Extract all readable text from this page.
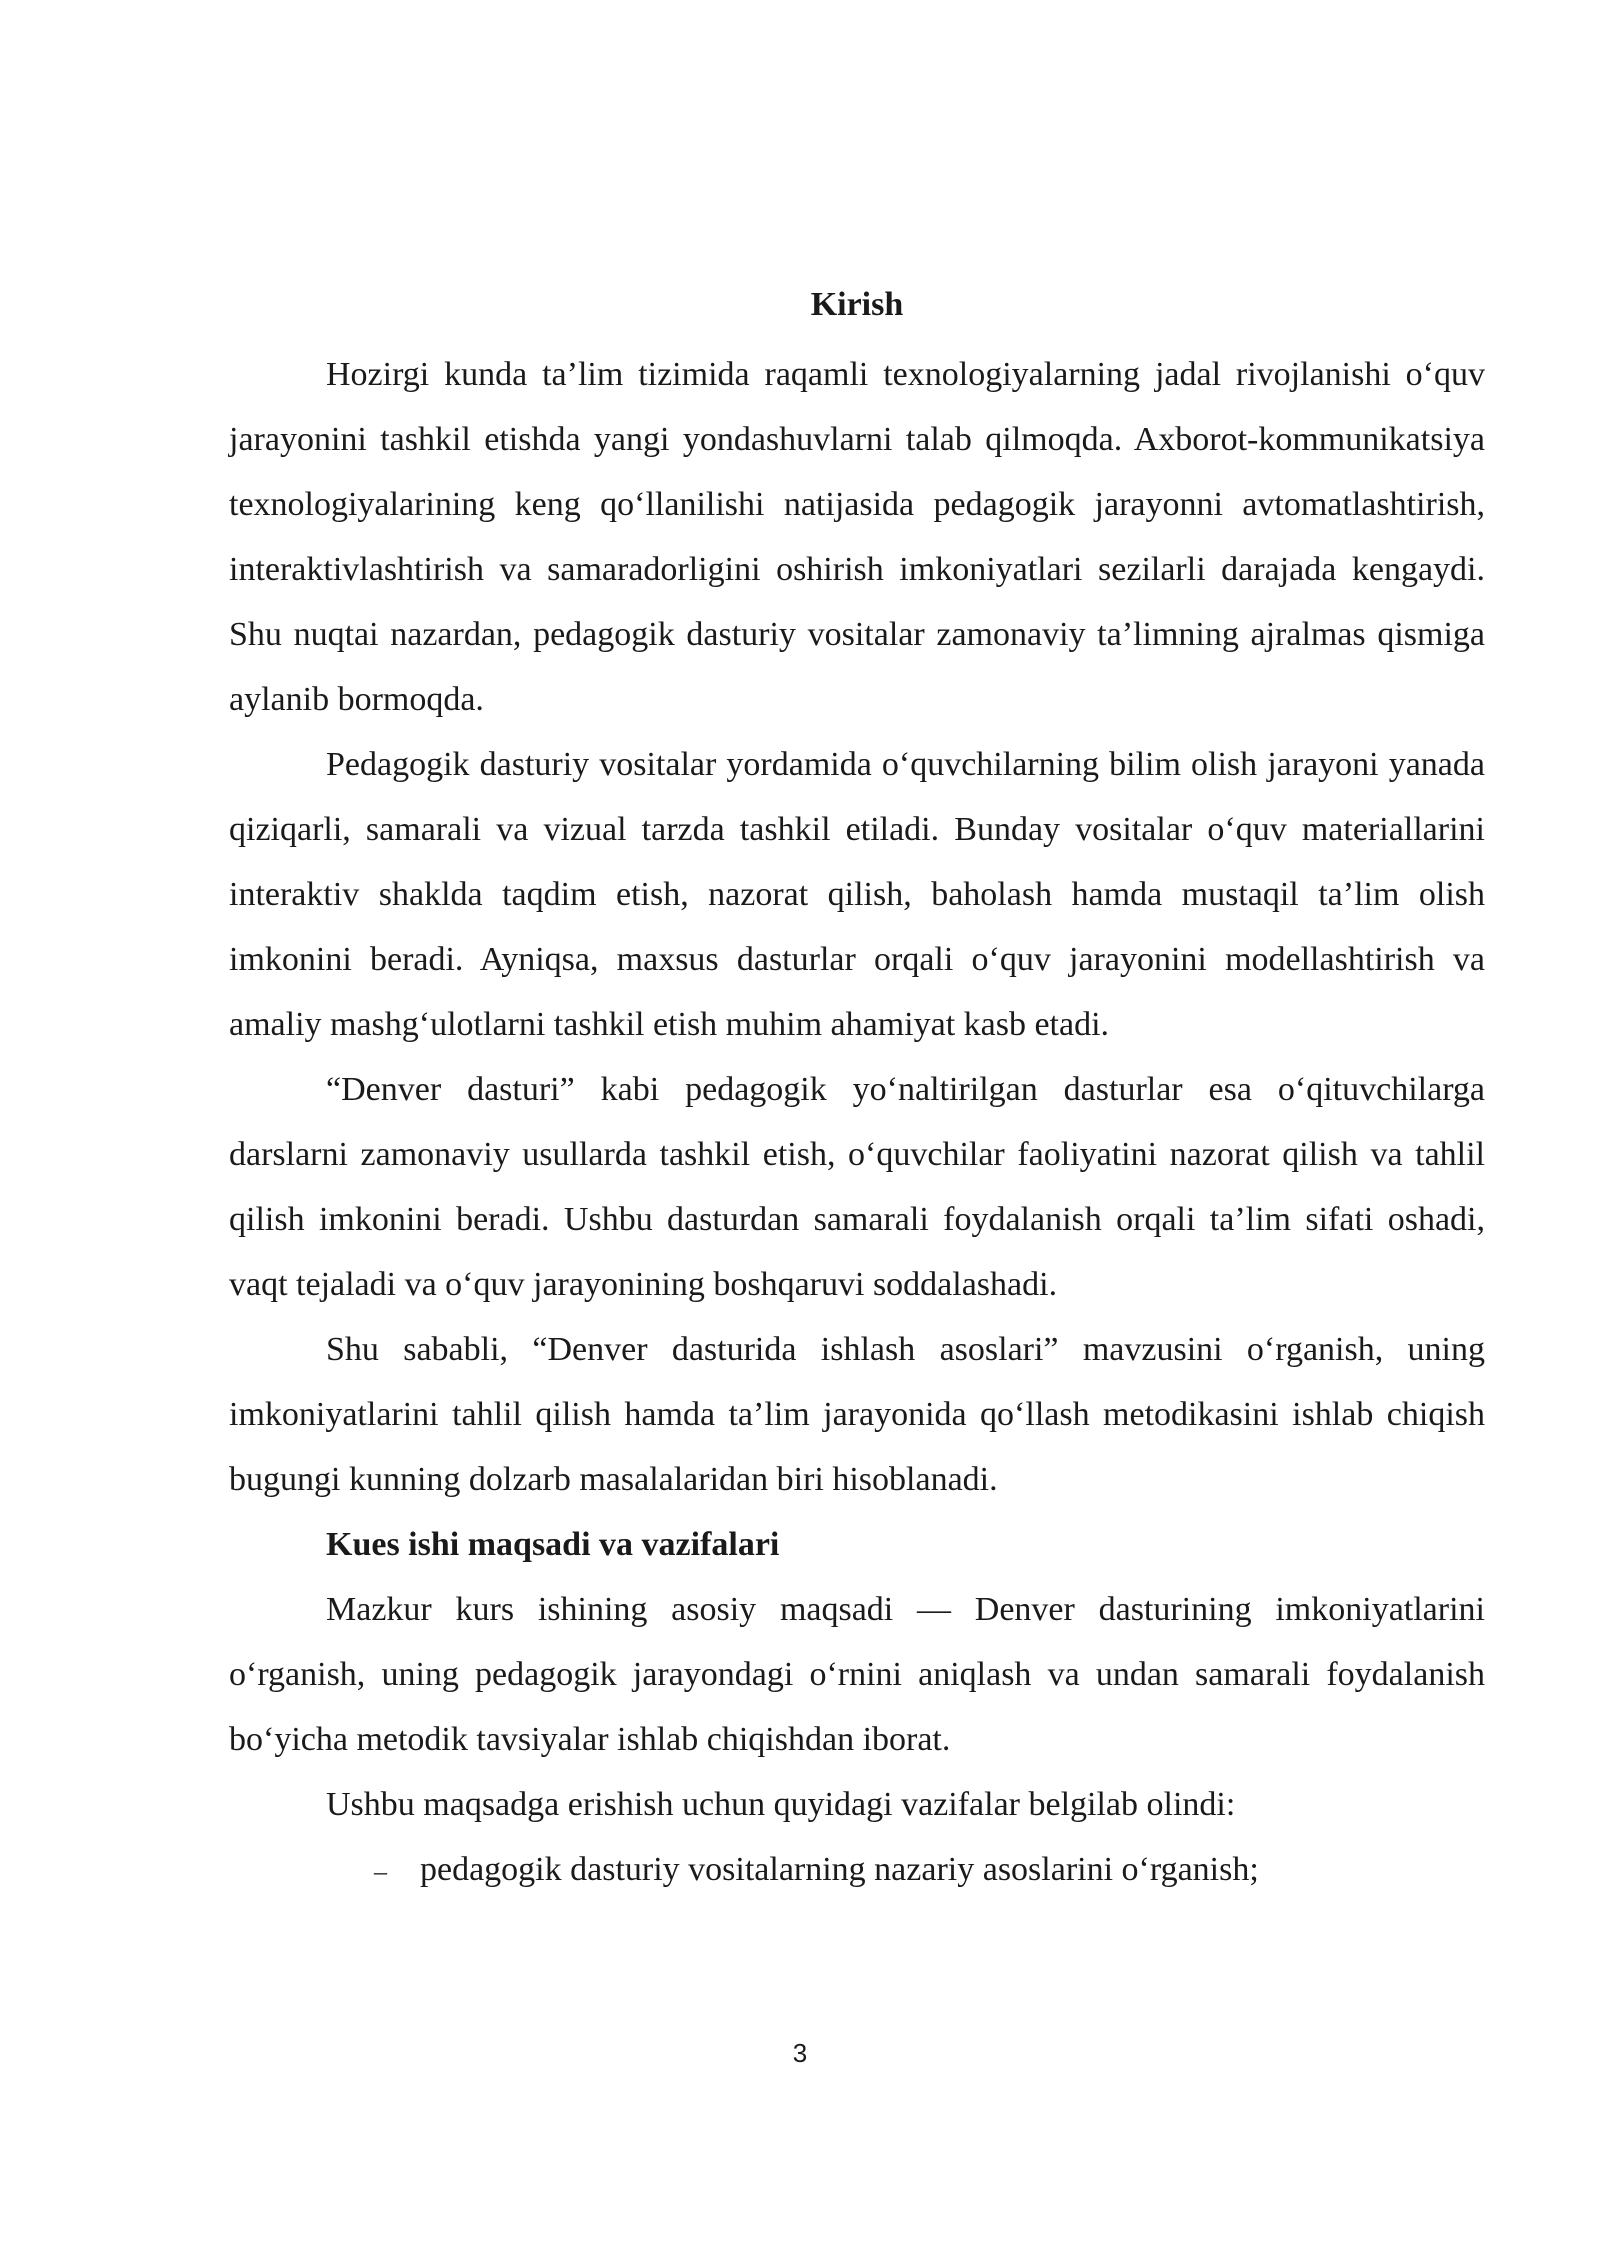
Kirish

Hozirgi kunda ta’lim tizimida raqamli texnologiyalarning jadal rivojlanishi o‘quv jarayonini tashkil etishda yangi yondashuvlarni talab qilmoqda. Axborot-kommunikatsiya texnologiyalarining keng qo‘llanilishi natijasida pedagogik jarayonni avtomatlashtirish, interaktivlashtirish va samaradorligini oshirish imkoniyatlari sezilarli darajada kengaydi. Shu nuqtai nazardan, pedagogik dasturiy vositalar zamonaviy ta’limning ajralmas qismiga aylanib bormoqda.

Pedagogik dasturiy vositalar yordamida o‘quvchilarning bilim olish jarayoni yanada qiziqarli, samarali va vizual tarzda tashkil etiladi. Bunday vositalar o‘quv materiallarini interaktiv shaklda taqdim etish, nazorat qilish, baholash hamda mustaqil ta’lim olish imkonini beradi. Ayniqsa, maxsus dasturlar orqali o‘quv jarayonini modellashtirish va amaliy mashg‘ulotlarni tashkil etish muhim ahamiyat kasb etadi.

“Denver dasturi” kabi pedagogik yo‘naltirilgan dasturlar esa o‘qituvchilarga darslarni zamonaviy usullarda tashkil etish, o‘quvchilar faoliyatini nazorat qilish va tahlil qilish imkonini beradi. Ushbu dasturdan samarali foydalanish orqali ta’lim sifati oshadi, vaqt tejaladi va o‘quv jarayonining boshqaruvi soddalashadi.

Shu sababli, “Denver dasturida ishlash asoslari” mavzusini o‘rganish, uning imkoniyatlarini tahlil qilish hamda ta’lim jarayonida qo‘llash metodikasini ishlab chiqish bugungi kunning dolzarb masalalaridan biri hisoblanadi.

Kues ishi maqsadi va vazifalari

Mazkur kurs ishining asosiy maqsadi — Denver dasturining imkoniyatlarini o‘rganish, uning pedagogik jarayondagi o‘rnini aniqlash va undan samarali foydalanish bo‘yicha metodik tavsiyalar ishlab chiqishdan iborat.

Ushbu maqsadga erishish uchun quyidagi vazifalar belgilab olindi:

– pedagogik dasturiy vositalarning nazariy asoslarini o‘rganish;
3
